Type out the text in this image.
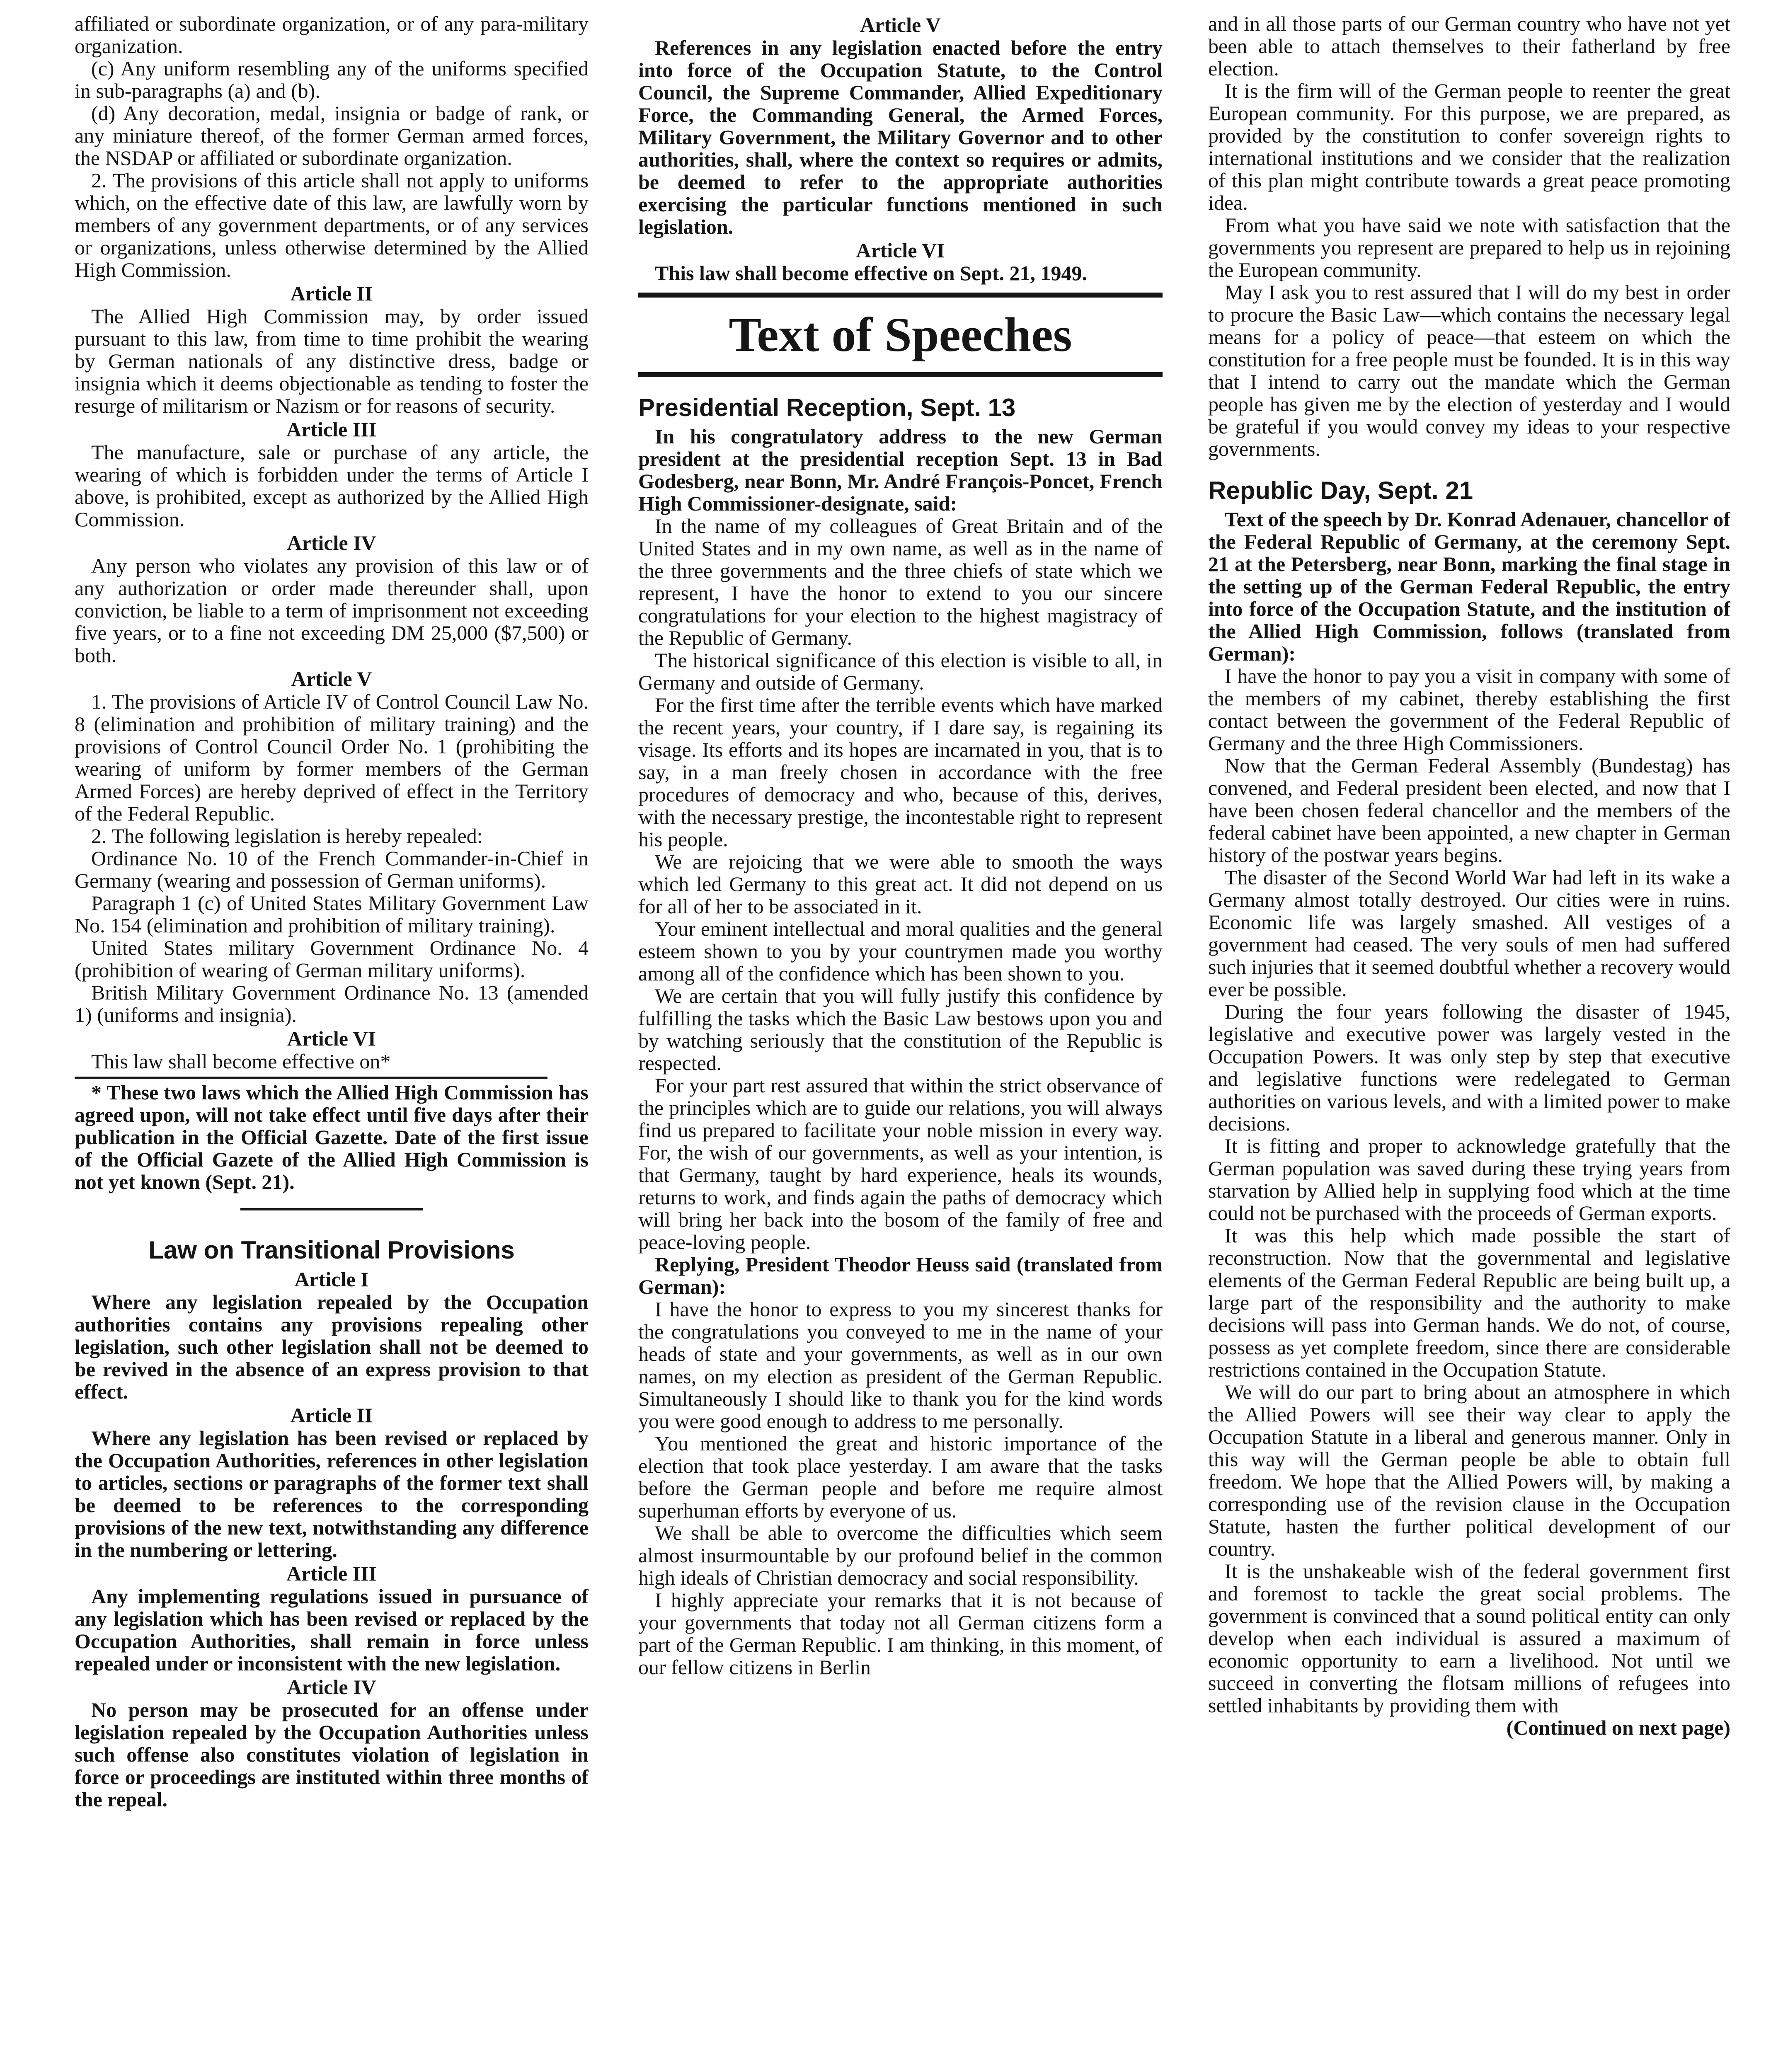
affiliated or subordinate organization, or of any para-military organization.

(c) Any uniform resembling any of the uniforms specified in sub-paragraphs (a) and (b).

(d) Any decoration, medal, insignia or badge of rank, or any miniature thereof, of the former German armed forces, the NSDAP or affiliated or subordinate organization.

2. The provisions of this article shall not apply to uniforms which, on the effective date of this law, are lawfully worn by members of any government departments, or of any services or organizations, unless otherwise determined by the Allied High Commission.

Article II

The Allied High Commission may, by order issued pursuant to this law, from time to time prohibit the wearing by German nationals of any distinctive dress, badge or insignia which it deems objectionable as tending to foster the resurge of militarism or Nazism or for reasons of security.

Article III

The manufacture, sale or purchase of any article, the wearing of which is forbidden under the terms of Article I above, is prohibited, except as authorized by the Allied High Commission.

Article IV

Any person who violates any provision of this law or of any authorization or order made thereunder shall, upon conviction, be liable to a term of imprisonment not exceeding five years, or to a fine not exceeding DM 25,000 ($7,500) or both.

Article V

1. The provisions of Article IV of Control Council Law No. 8 (elimination and prohibition of military training) and the provisions of Control Council Order No. 1 (prohibiting the wearing of uniform by former members of the German Armed Forces) are hereby deprived of effect in the Territory of the Federal Republic.

2. The following legislation is hereby repealed:

Ordinance No. 10 of the French Commander-in-Chief in Germany (wearing and possession of German uniforms).

Paragraph 1 (c) of United States Military Government Law No. 154 (elimination and prohibition of military training).

United States military Government Ordinance No. 4 (prohibition of wearing of German military uniforms).

British Military Government Ordinance No. 13 (amended 1) (uniforms and insignia).

Article VI

This law shall become effective on*

* These two laws which the Allied High Commission has agreed upon, will not take effect until five days after their publication in the Official Gazette. Date of the first issue of the Official Gazete of the Allied High Commission is not yet known (Sept. 21).

Law on Transitional Provisions
Article I

Where any legislation repealed by the Occupation authorities contains any provisions repealing other legislation, such other legislation shall not be deemed to be revived in the absence of an express provision to that effect.

Article II

Where any legislation has been revised or replaced by the Occupation Authorities, references in other legislation to articles, sections or paragraphs of the former text shall be deemed to be references to the corresponding provisions of the new text, notwithstanding any difference in the numbering or lettering.

Article III

Any implementing regulations issued in pursuance of any legislation which has been revised or replaced by the Occupation Authorities, shall remain in force unless repealed under or inconsistent with the new legislation.

Article IV

No person may be prosecuted for an offense under legislation repealed by the Occupation Authorities unless such offense also constitutes violation of legislation in force or proceedings are instituted within three months of the repeal.

Article V

References in any legislation enacted before the entry into force of the Occupation Statute, to the Control Council, the Supreme Commander, Allied Expeditionary Force, the Commanding General, the Armed Forces, Military Government, the Military Governor and to other authorities, shall, where the context so requires or admits, be deemed to refer to the appropriate authorities exercising the particular functions mentioned in such legislation.

Article VI

This law shall become effective on Sept. 21, 1949.

Text of Speeches
Presidential Reception, Sept. 13

In his congratulatory address to the new German president at the presidential reception Sept. 13 in Bad Godesberg, near Bonn, Mr. André François-Poncet, French High Commissioner-designate, said:

In the name of my colleagues of Great Britain and of the United States and in my own name, as well as in the name of the three governments and the three chiefs of state which we represent, I have the honor to extend to you our sincere congratulations for your election to the highest magistracy of the Republic of Germany.

The historical significance of this election is visible to all, in Germany and outside of Germany.

For the first time after the terrible events which have marked the recent years, your country, if I dare say, is regaining its visage. Its efforts and its hopes are incarnated in you, that is to say, in a man freely chosen in accordance with the free procedures of democracy and who, because of this, derives, with the necessary prestige, the incontestable right to represent his people.

We are rejoicing that we were able to smooth the ways which led Germany to this great act. It did not depend on us for all of her to be associated in it.

Your eminent intellectual and moral qualities and the general esteem shown to you by your countrymen made you worthy among all of the confidence which has been shown to you.

We are certain that you will fully justify this confidence by fulfilling the tasks which the Basic Law bestows upon you and by watching seriously that the constitution of the Republic is respected.

For your part rest assured that within the strict observance of the principles which are to guide our relations, you will always find us prepared to facilitate your noble mission in every way. For, the wish of our governments, as well as your intention, is that Germany, taught by hard experience, heals its wounds, returns to work, and finds again the paths of democracy which will bring her back into the bosom of the family of free and peace-loving people.

Replying, President Theodor Heuss said (translated from German):

I have the honor to express to you my sincerest thanks for the congratulations you conveyed to me in the name of your heads of state and your governments, as well as in our own names, on my election as president of the German Republic. Simultaneously I should like to thank you for the kind words you were good enough to address to me personally.

You mentioned the great and historic importance of the election that took place yesterday. I am aware that the tasks before the German people and before me require almost superhuman efforts by everyone of us.

We shall be able to overcome the difficulties which seem almost insurmountable by our profound belief in the common high ideals of Christian democracy and social responsibility.

I highly appreciate your remarks that it is not because of your governments that today not all German citizens form a part of the German Republic. I am thinking, in this moment, of our fellow citizens in Berlin

and in all those parts of our German country who have not yet been able to attach themselves to their fatherland by free election.

It is the firm will of the German people to reenter the great European community. For this purpose, we are prepared, as provided by the constitution to confer sovereign rights to international institutions and we consider that the realization of this plan might contribute towards a great peace promoting idea.

From what you have said we note with satisfaction that the governments you represent are prepared to help us in rejoining the European community.

May I ask you to rest assured that I will do my best in order to procure the Basic Law—which contains the necessary legal means for a policy of peace—that esteem on which the constitution for a free people must be founded. It is in this way that I intend to carry out the mandate which the German people has given me by the election of yesterday and I would be grateful if you would convey my ideas to your respective governments.

Republic Day, Sept. 21

Text of the speech by Dr. Konrad Adenauer, chancellor of the Federal Republic of Germany, at the ceremony Sept. 21 at the Petersberg, near Bonn, marking the final stage in the setting up of the German Federal Republic, the entry into force of the Occupation Statute, and the institution of the Allied High Commission, follows (translated from German):

I have the honor to pay you a visit in company with some of the members of my cabinet, thereby establishing the first contact between the government of the Federal Republic of Germany and the three High Commissioners.

Now that the German Federal Assembly (Bundestag) has convened, and Federal president been elected, and now that I have been chosen federal chancellor and the members of the federal cabinet have been appointed, a new chapter in German history of the postwar years begins.

The disaster of the Second World War had left in its wake a Germany almost totally destroyed. Our cities were in ruins. Economic life was largely smashed. All vestiges of a government had ceased. The very souls of men had suffered such injuries that it seemed doubtful whether a recovery would ever be possible.

During the four years following the disaster of 1945, legislative and executive power was largely vested in the Occupation Powers. It was only step by step that executive and legislative functions were redelegated to German authorities on various levels, and with a limited power to make decisions.

It is fitting and proper to acknowledge gratefully that the German population was saved during these trying years from starvation by Allied help in supplying food which at the time could not be purchased with the proceeds of German exports.

It was this help which made possible the start of reconstruction. Now that the governmental and legislative elements of the German Federal Republic are being built up, a large part of the responsibility and the authority to make decisions will pass into German hands. We do not, of course, possess as yet complete freedom, since there are considerable restrictions contained in the Occupation Statute.

We will do our part to bring about an atmosphere in which the Allied Powers will see their way clear to apply the Occupation Statute in a liberal and generous manner. Only in this way will the German people be able to obtain full freedom. We hope that the Allied Powers will, by making a corresponding use of the revision clause in the Occupation Statute, hasten the further political development of our country.

It is the unshakeable wish of the federal government first and foremost to tackle the great social problems. The government is convinced that a sound political entity can only develop when each individual is assured a maximum of economic opportunity to earn a livelihood. Not until we succeed in converting the flotsam millions of refugees into settled inhabitants by providing them with

(Continued on next page)
